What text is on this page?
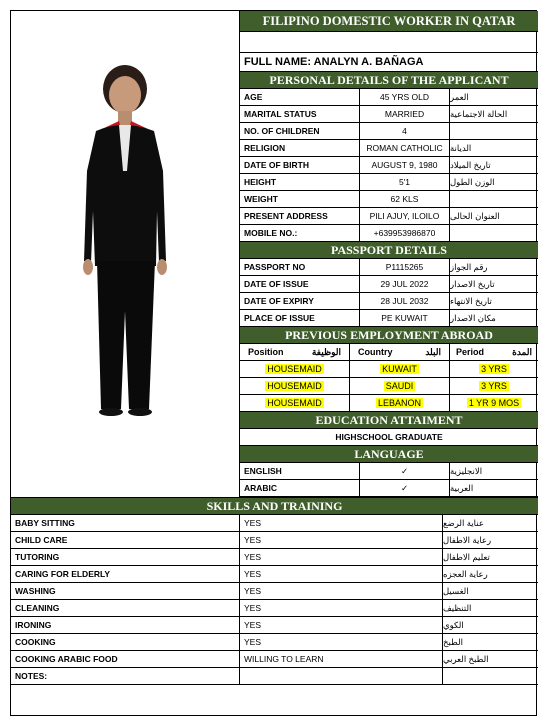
FILIPINO DOMESTIC WORKER IN QATAR
FULL NAME: ANALYN A. BAÑAGA
PERSONAL DETAILS OF THE APPLICANT
AGE	45 YRS OLD	العمر
MARITAL STATUS	MARRIED	الحالة الاجتماعية
NO. OF CHILDREN	4
RELIGION	ROMAN CATHOLIC الديانة
DATE OF BIRTH	AUGUST 9, 1980	تاريخ الميلاد
HEIGHT	5'1	الوزن الطول
WEIGHT	62 KLS
PRESENT ADDRESS	PILI AJUY, ILOILO	العنوان الحالى
MOBILE NO.:	+639953986870
PASSPORT DETAILS
PASSPORT NO	P1115265	رقم الجواز
DATE OF ISSUE	29 JUL 2022	تاريخ الاصدار
DATE OF EXPIRY	28 JUL 2032	تاريخ الانتهاء
PLACE OF ISSUE	PE KUWAIT	مكان الاصدار
PREVIOUS EMPLOYMENT ABROAD
Position	الوظيفة Country	البلد Period	المدة
HOUSEMAID	KUWAIT	3 YRS
HOUSEMAID	SAUDI	3 YRS
HOUSEMAID	LEBANON	1 YR 9 MOS
EDUCATION ATTAIMENT
HIGHSCHOOL GRADUATE
LANGUAGE
ENGLISH	✓	الانجليزية
ARABIC	✓	العربية
SKILLS AND TRAINING
BABY SITTING	YES	عناية الرضع
CHILD CARE	YES	رعاية الاطفال
TUTORING	YES	تعليم الاطفال
CARING FOR ELDERLY	YES	رعاية العجزه
WASHING	YES	الغسيل
CLEANING	YES	التنظيف
IRONING	YES	الكوي
COOKING	YES	الطبخ
COOKING ARABIC FOOD	WILLING TO LEARN	الطبخ العربي
NOTES:
